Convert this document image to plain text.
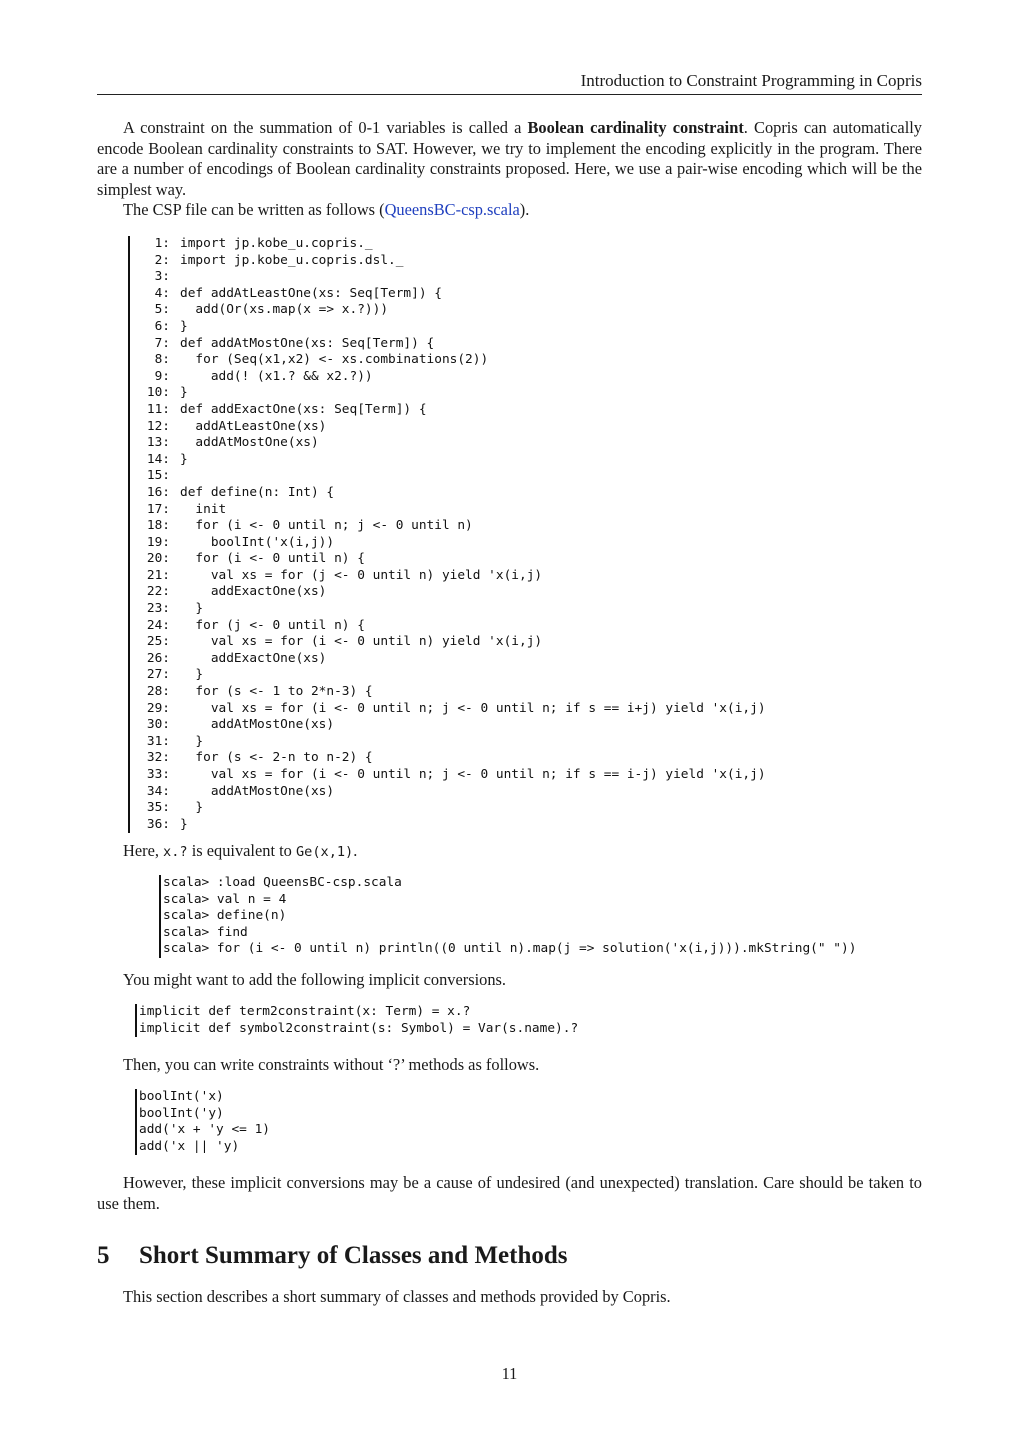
Introduction to Constraint Programming in Copris

A constraint on the summation of 0-1 variables is called a Boolean cardinality constraint. Copris can automatically encode Boolean cardinality constraints to SAT. However, we try to implement the encoding explicitly in the program. There are a number of encodings of Boolean cardinality constraints proposed. Here, we use a pair-wise encoding which will be the simplest way.

The CSP file can be written as follows (QueensBC-csp.scala).

1: import jp.kobe_u.copris._
2: import jp.kobe_u.copris.dsl._
3:
4: def addAtLeastOne(xs: Seq[Term]) {
5:  add(Or(xs.map(x => x.?)))
6: }
7: def addAtMostOne(xs: Seq[Term]) {
8:  for (Seq(x1,x2) <- xs.combinations(2))
9:    add(! (x1.? && x2.?))
10: }
11: def addExactOne(xs: Seq[Term]) {
12:  addAtLeastOne(xs)
13:  addAtMostOne(xs)
14: }
15:
16: def define(n: Int) {
17:  init
18:  for (i <- 0 until n; j <- 0 until n)
19:    boolInt('x(i,j))
20:  for (i <- 0 until n) {
21:    val xs = for (j <- 0 until n) yield 'x(i,j)
22:    addExactOne(xs)
23:  }
24:  for (j <- 0 until n) {
25:    val xs = for (i <- 0 until n) yield 'x(i,j)
26:    addExactOne(xs)
27:  }
28:  for (s <- 1 to 2*n-3) {
29:    val xs = for (i <- 0 until n; j <- 0 until n; if s == i+j) yield 'x(i,j)
30:    addAtMostOne(xs)
31:  }
32:  for (s <- 2-n to n-2) {
33:    val xs = for (i <- 0 until n; j <- 0 until n; if s == i-j) yield 'x(i,j)
34:    addAtMostOne(xs)
35:  }
36: }

Here, x.? is equivalent to Ge(x,1).

scala> :load QueensBC-csp.scala
scala> val n = 4
scala> define(n)
scala> find
scala> for (i <- 0 until n) println((0 until n).map(j => solution('x(i,j))).mkString(" "))

You might want to add the following implicit conversions.

implicit def term2constraint(x: Term) = x.?
implicit def symbol2constraint(s: Symbol) = Var(s.name).?

Then, you can write constraints without ‘?’ methods as follows.

boolInt('x)
boolInt('y)
add('x + 'y <= 1)
add('x || 'y)

However, these implicit conversions may be a cause of undesired (and unexpected) translation. Care should be taken to use them.

5 Short Summary of Classes and Methods

This section describes a short summary of classes and methods provided by Copris.

11
